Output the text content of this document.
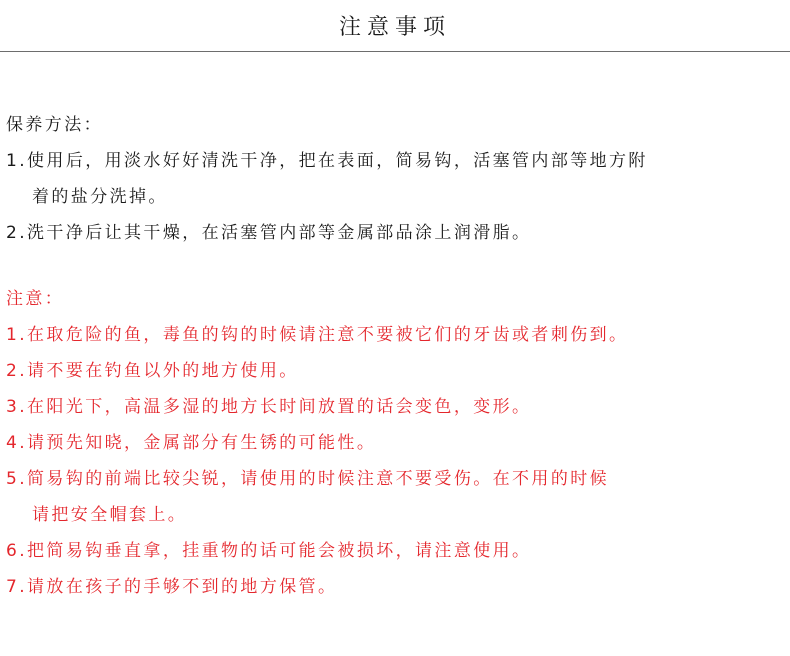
注意事项
保养方法：
1.使用后，用淡水好好清洗干净，把在表面，简易钩，活塞管内部等地方附
着的盐分洗掉。
2.洗干净后让其干燥，在活塞管内部等金属部品涂上润滑脂。
注意：
1.在取危险的鱼，毒鱼的钩的时候请注意不要被它们的牙齿或者刺伤到。
2.请不要在钓鱼以外的地方使用。
3.在阳光下，高温多湿的地方长时间放置的话会变色，变形。
4.请预先知晓，金属部分有生锈的可能性。
5.简易钩的前端比较尖锐，请使用的时候注意不要受伤。在不用的时候
请把安全帽套上。
6.把简易钩垂直拿，挂重物的话可能会被损坏，请注意使用。
7.请放在孩子的手够不到的地方保管。
